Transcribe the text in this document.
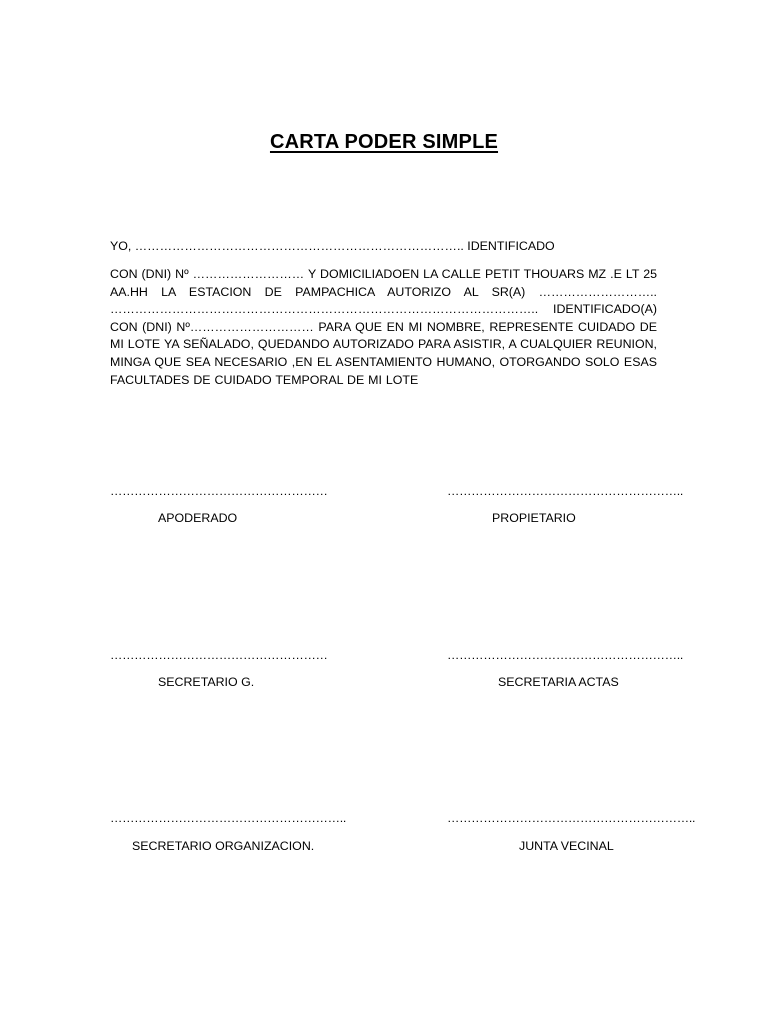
CARTA PODER SIMPLE
YO, …………………………………………………………………….. IDENTIFICADO
CON (DNI) Nº ……………………… Y DOMICILIADOEN LA CALLE PETIT THOUARS MZ .E LT 25 AA.HH LA ESTACION DE PAMPACHICA AUTORIZO AL SR(A) ……………………….. ………………………………………………………………………………………….. IDENTIFICADO(A) CON (DNI) Nº………………………… PARA QUE EN MI NOMBRE, REPRESENTE CUIDADO DE MI LOTE YA SEÑALADO, QUEDANDO AUTORIZADO PARA ASISTIR, A CUALQUIER REUNION, MINGA QUE SEA NECESARIO ,EN EL ASENTAMIENTO HUMANO, OTORGANDO SOLO ESAS FACULTADES DE CUIDADO TEMPORAL DE MI LOTE
………………………………………………
APODERADO
…………………………………………………..
PROPIETARIO
………………………………………………
SECRETARIO G.
…………………………………………………..
SECRETARIA ACTAS
…………………………………………………..
SECRETARIO ORGANIZACION.
……………………………………………………..
JUNTA VECINAL
